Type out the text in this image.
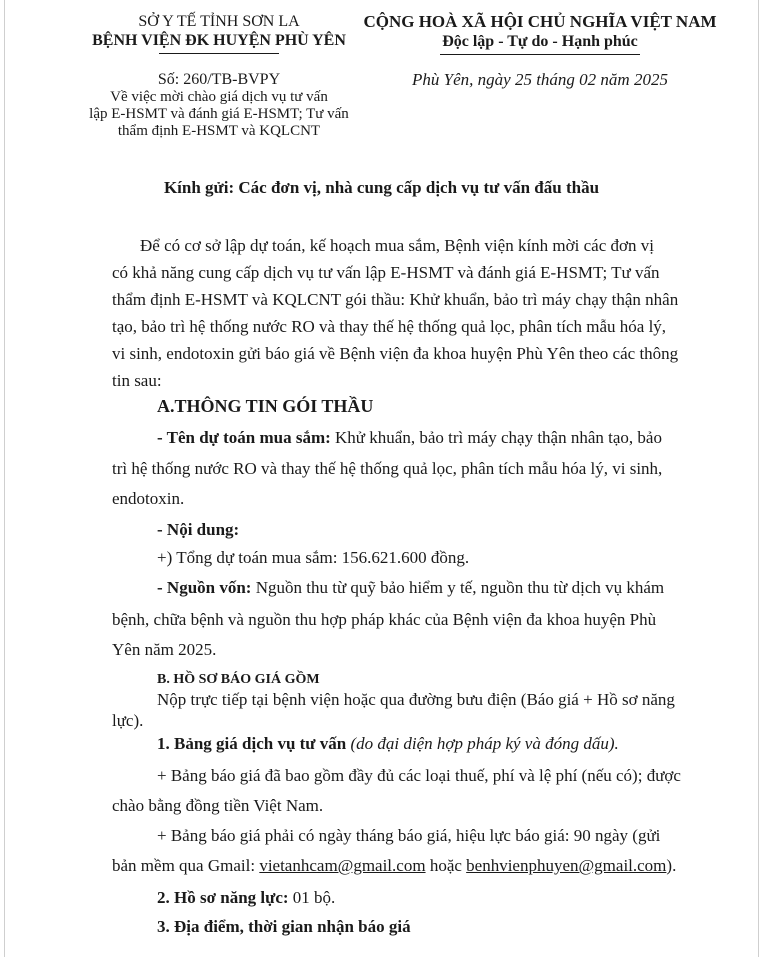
SỞ Y TẾ TỈNH SƠN LA
BỆNH VIỆN ĐK HUYỆN PHÙ YÊN
CỘNG HOÀ XÃ HỘI CHỦ NGHĨA VIỆT NAM
Độc lập - Tự do - Hạnh phúc
Số: 260/TB-BVPY
Về việc mời chào giá dịch vụ tư vấn
lập E-HSMT và đánh giá E-HSMT; Tư vấn
thẩm định E-HSMT và KQLCNT
Phù Yên, ngày 25 tháng 02 năm 2025
Kính gửi: Các đơn vị, nhà cung cấp dịch vụ tư vấn đấu thầu
Để có cơ sở lập dự toán, kế hoạch mua sắm, Bệnh viện kính mời các đơn vị
có khả năng cung cấp dịch vụ tư vấn lập E-HSMT và đánh giá E-HSMT; Tư vấn
thẩm định E-HSMT và KQLCNT gói thầu: Khử khuẩn, bảo trì máy chạy thận nhân
tạo, bảo trì hệ thống nước RO và thay thế hệ thống quả lọc, phân tích mẫu hóa lý,
vi sinh, endotoxin gửi báo giá về Bệnh viện đa khoa huyện Phù Yên theo các thông
tin sau:
A.THÔNG TIN GÓI THẦU
- Tên dự toán mua sắm: Khử khuẩn, bảo trì máy chạy thận nhân tạo, bảo
trì hệ thống nước RO và thay thế hệ thống quả lọc, phân tích mẫu hóa lý, vi sinh,
endotoxin.
- Nội dung:
+) Tổng dự toán mua sắm: 156.621.600 đồng.
- Nguồn vốn: Nguồn thu từ quỹ bảo hiểm y tế, nguồn thu từ dịch vụ khám
bệnh, chữa bệnh và nguồn thu hợp pháp khác của Bệnh viện đa khoa huyện Phù
Yên năm 2025.
B. HỒ SƠ BÁO GIÁ GỒM
Nộp trực tiếp tại bệnh viện hoặc qua đường bưu điện (Báo giá + Hồ sơ năng
lực).
1. Bảng giá dịch vụ tư vấn (do đại diện hợp pháp ký và đóng dấu).
+ Bảng báo giá đã bao gồm đầy đủ các loại thuế, phí và lệ phí (nếu có); được
chào bằng đồng tiền Việt Nam.
+ Bảng báo giá phải có ngày tháng báo giá, hiệu lực báo giá: 90 ngày (gửi
bản mềm qua Gmail: vietanhcam@gmail.com hoặc benhvienphuyen@gmail.com).
2. Hồ sơ năng lực: 01 bộ.
3. Địa điểm, thời gian nhận báo giá
